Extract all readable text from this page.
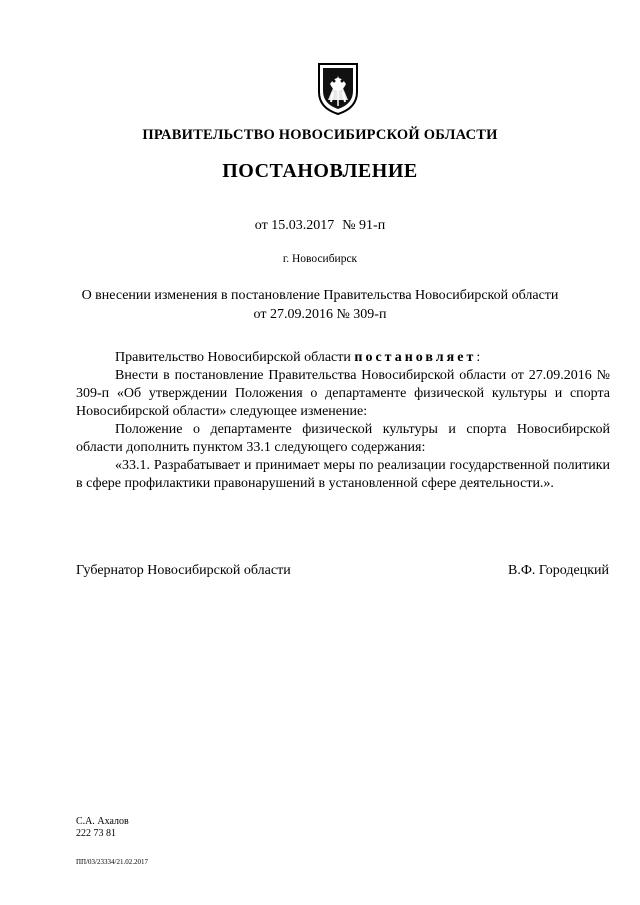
ПРАВИТЕЛЬСТВО НОВОСИБИРСКОЙ ОБЛАСТИ
ПОСТАНОВЛЕНИЕ
от 15.03.2017 № 91-п
г. Новосибирск
О внесении изменения в постановление Правительства Новосибирской области
от 27.09.2016 № 309-п

Правительство Новосибирской области постановляет:

Внести в постановление Правительства Новосибирской области от 27.09.2016 № 309-п «Об утверждении Положения о департаменте физической культуры и спорта Новосибирской области» следующее изменение:

Положение о департаменте физической культуры и спорта Новосибирской области дополнить пунктом 33.1 следующего содержания:

«33.1. Разрабатывает и принимает меры по реализации государственной политики в сфере профилактики правонарушений в установленной сфере деятельности.».

Губернатор Новосибирской области	В.Ф. Городецкий
С.А. Ахалов
222 73 81
ПП/03/23334/21.02.2017
